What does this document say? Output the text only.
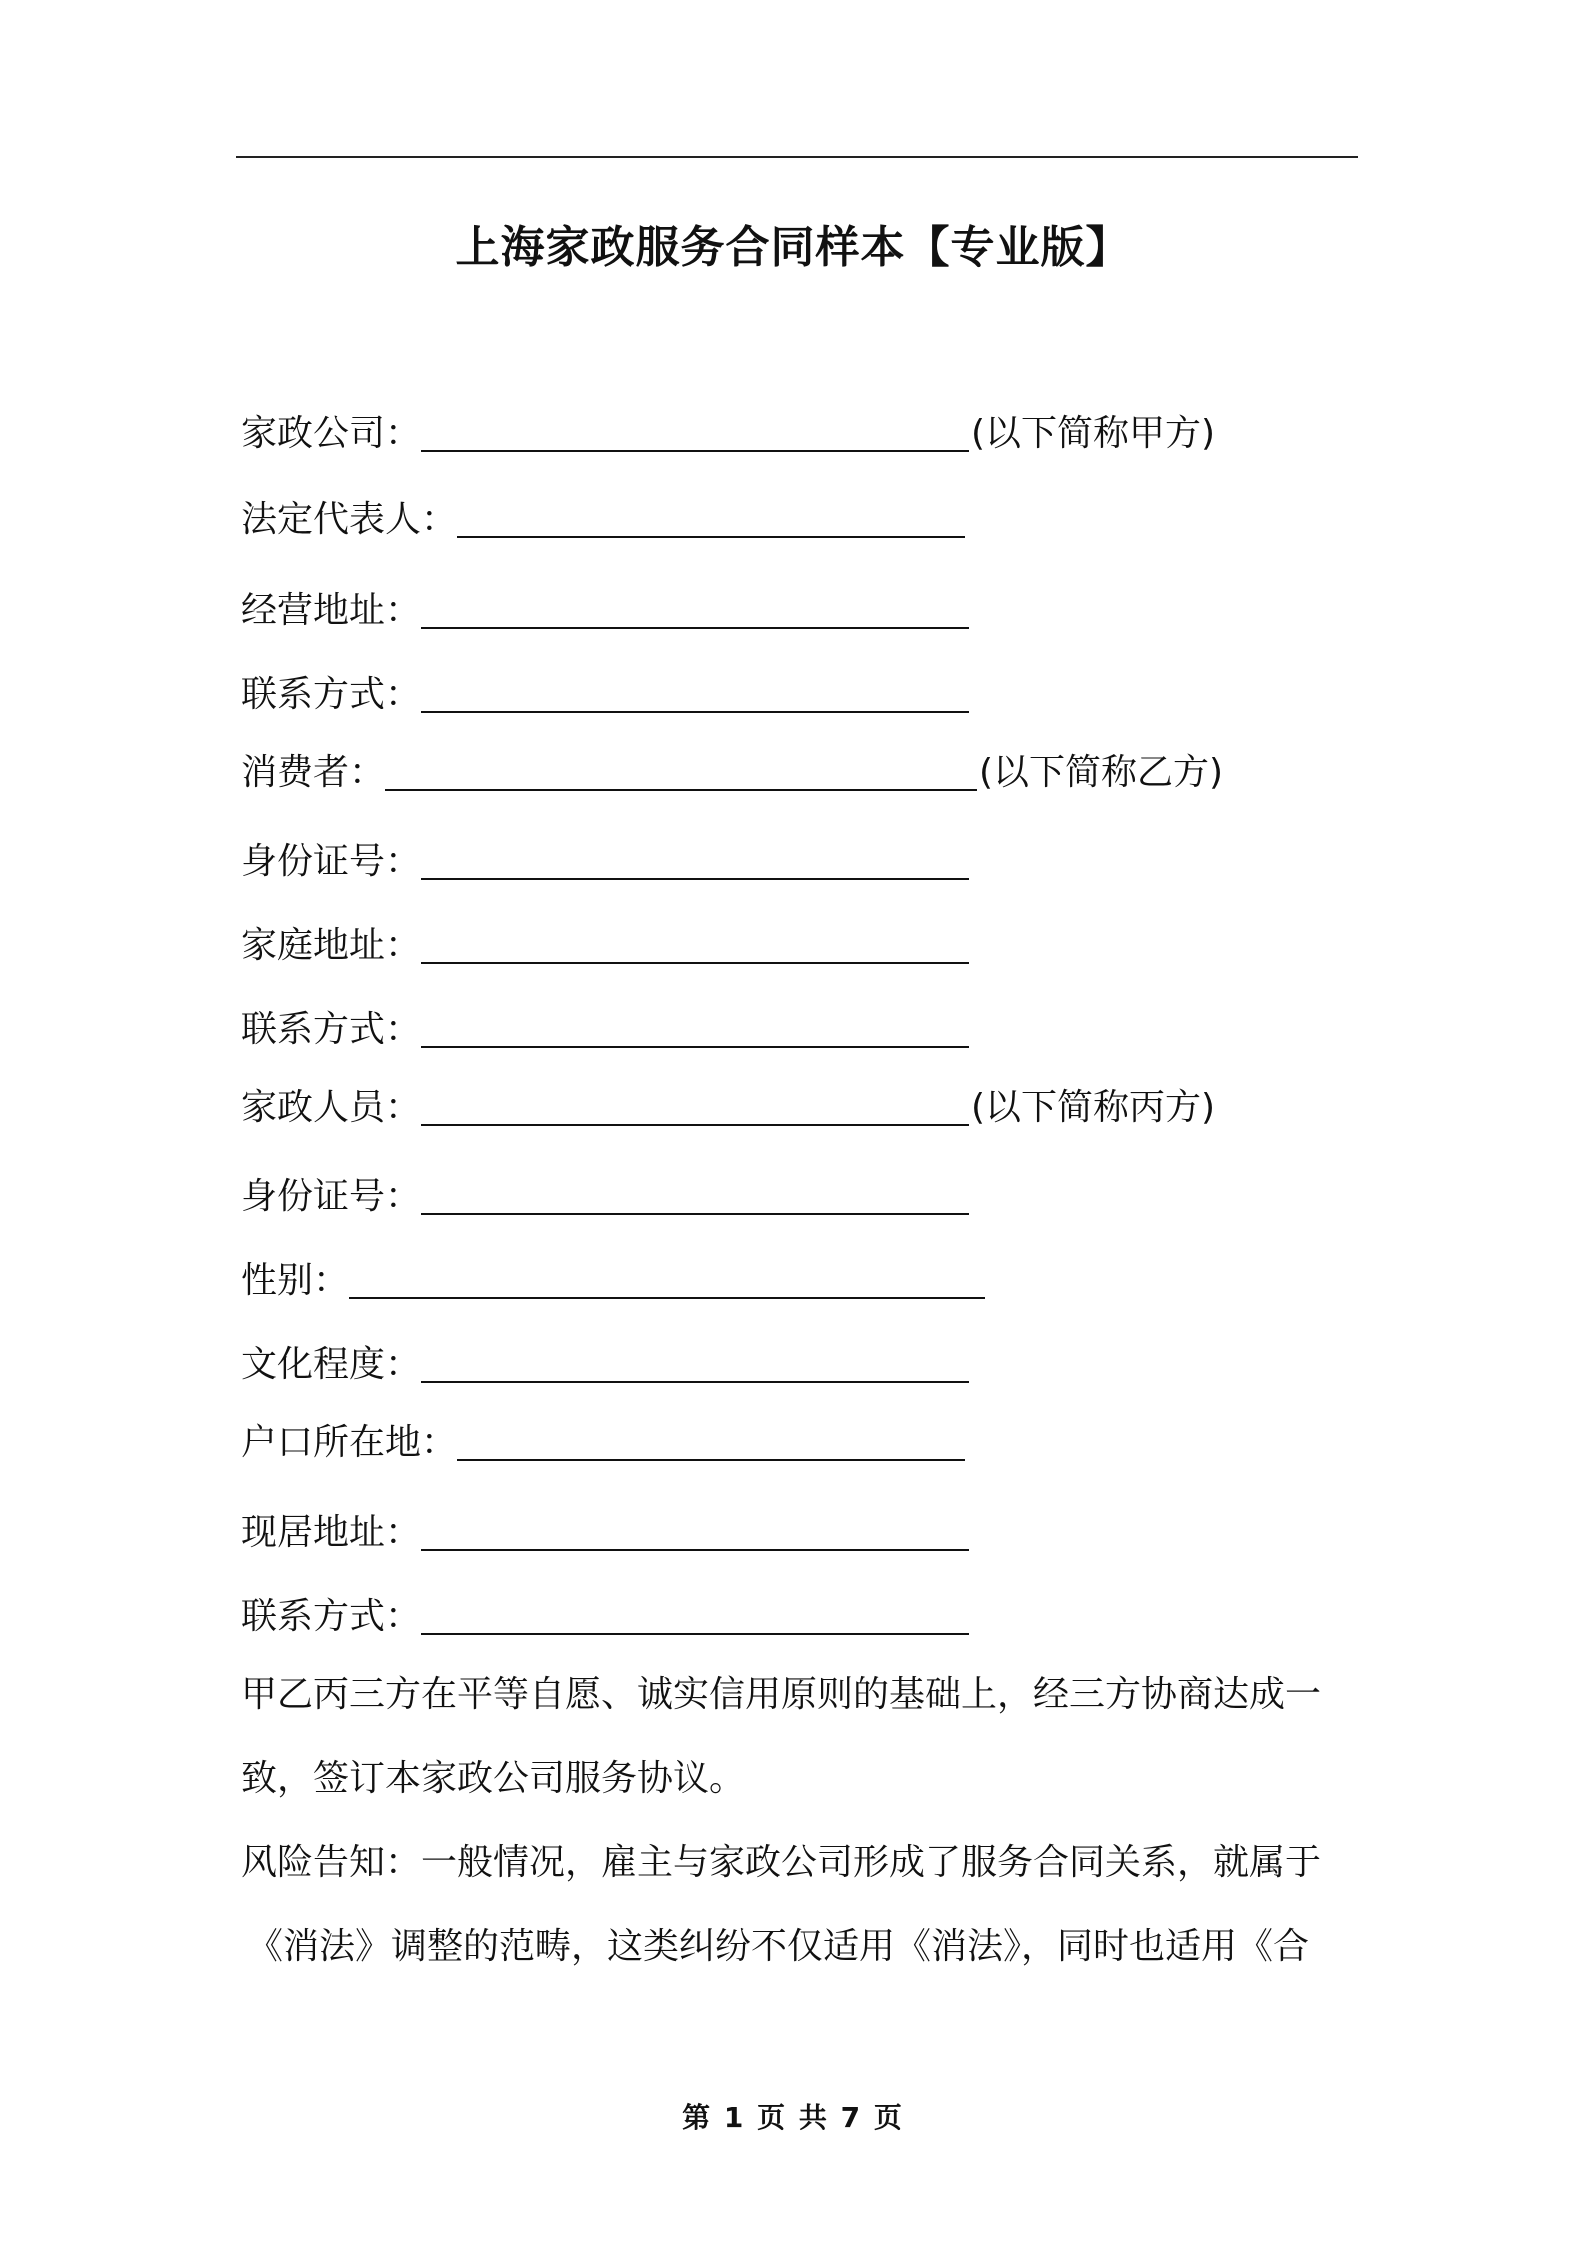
上海家政服务合同样本【专业版】
家政公司：	(以下简称甲方)
法定代表人：
经营地址：
联系方式：
消费者：	(以下简称乙方)
身份证号：
家庭地址：
联系方式：
家政人员：	(以下简称丙方)
身份证号：
性别：
文化程度：
户口所在地：
现居地址：
联系方式：
甲乙丙三方在平等自愿、诚实信用原则的基础上，经三方协商达成一
致，签订本家政公司服务协议。
风险告知：一般情况，雇主与家政公司形成了服务合同关系，就属于
《消法》调整的范畴，这类纠纷不仅适用《消法》，同时也适用《合
第 1 页 共 7 页
